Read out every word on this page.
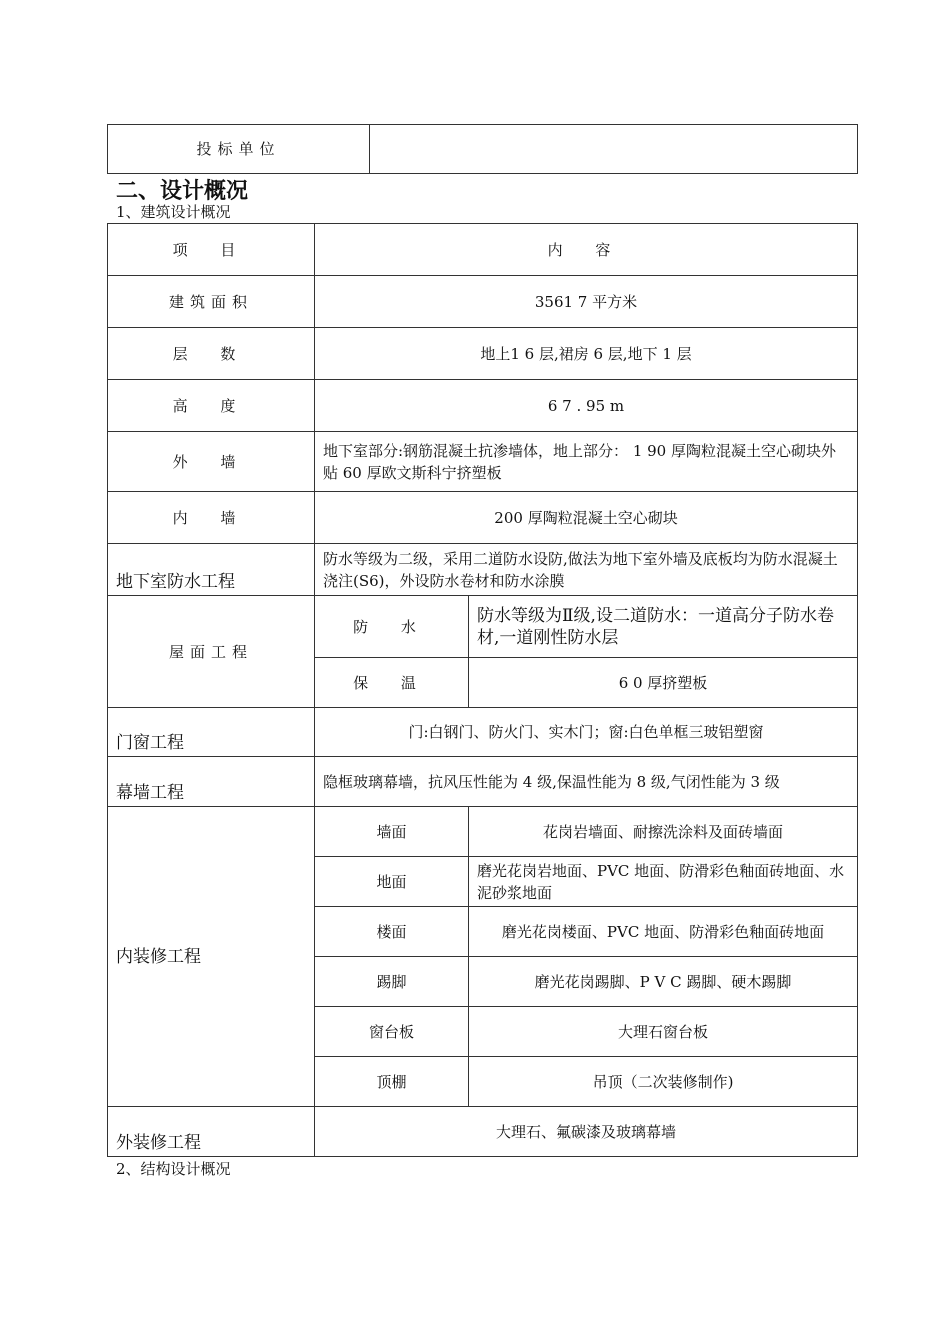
投标单位	
二、设计概况
1、建筑设计概况
项 目	内 容	
建筑面积	3561 7 平方米	
层 数	地上1 6 层,裙房 6 层,地下 1 层	
高 度	6 7 . 95 m	
外 墙	地下室部分:钢筋混凝土抗渗墙体，地上部分： 1 90 厚陶粒混凝土空心砌块外贴 60 厚欧文斯科宁挤塑板	
内 墙	200 厚陶粒混凝土空心砌块	
地下室防水工程	防水等级为二级，采用二道防水设防,做法为地下室外墙及底板均为防水混凝土浇注(S6)，外设防水卷材和防水涂膜	
屋面工程	防 水	防水等级为Ⅱ级,设二道防水：一道高分子防水卷材,一道刚性防水层
	保 温	6 0 厚挤塑板
门窗工程	门:白钢门、防火门、实木门；窗:白色单框三玻铝塑窗	
幕墙工程	隐框玻璃幕墙，抗风压性能为 4 级,保温性能为 8 级,气闭性能为 3 级	
内装修工程	墙面	花岗岩墙面、耐擦洗涂料及面砖墙面
	地面	磨光花岗岩地面、PVC 地面、防滑彩色釉面砖地面、水泥砂浆地面
	楼面	磨光花岗楼面、PVC 地面、防滑彩色釉面砖地面
	踢脚	磨光花岗踢脚、P V C 踢脚、硬木踢脚
	窗台板	大理石窗台板
	顶棚	吊顶（二次装修制作)
外装修工程	大理石、氟碳漆及玻璃幕墙	
2、结构设计概况
